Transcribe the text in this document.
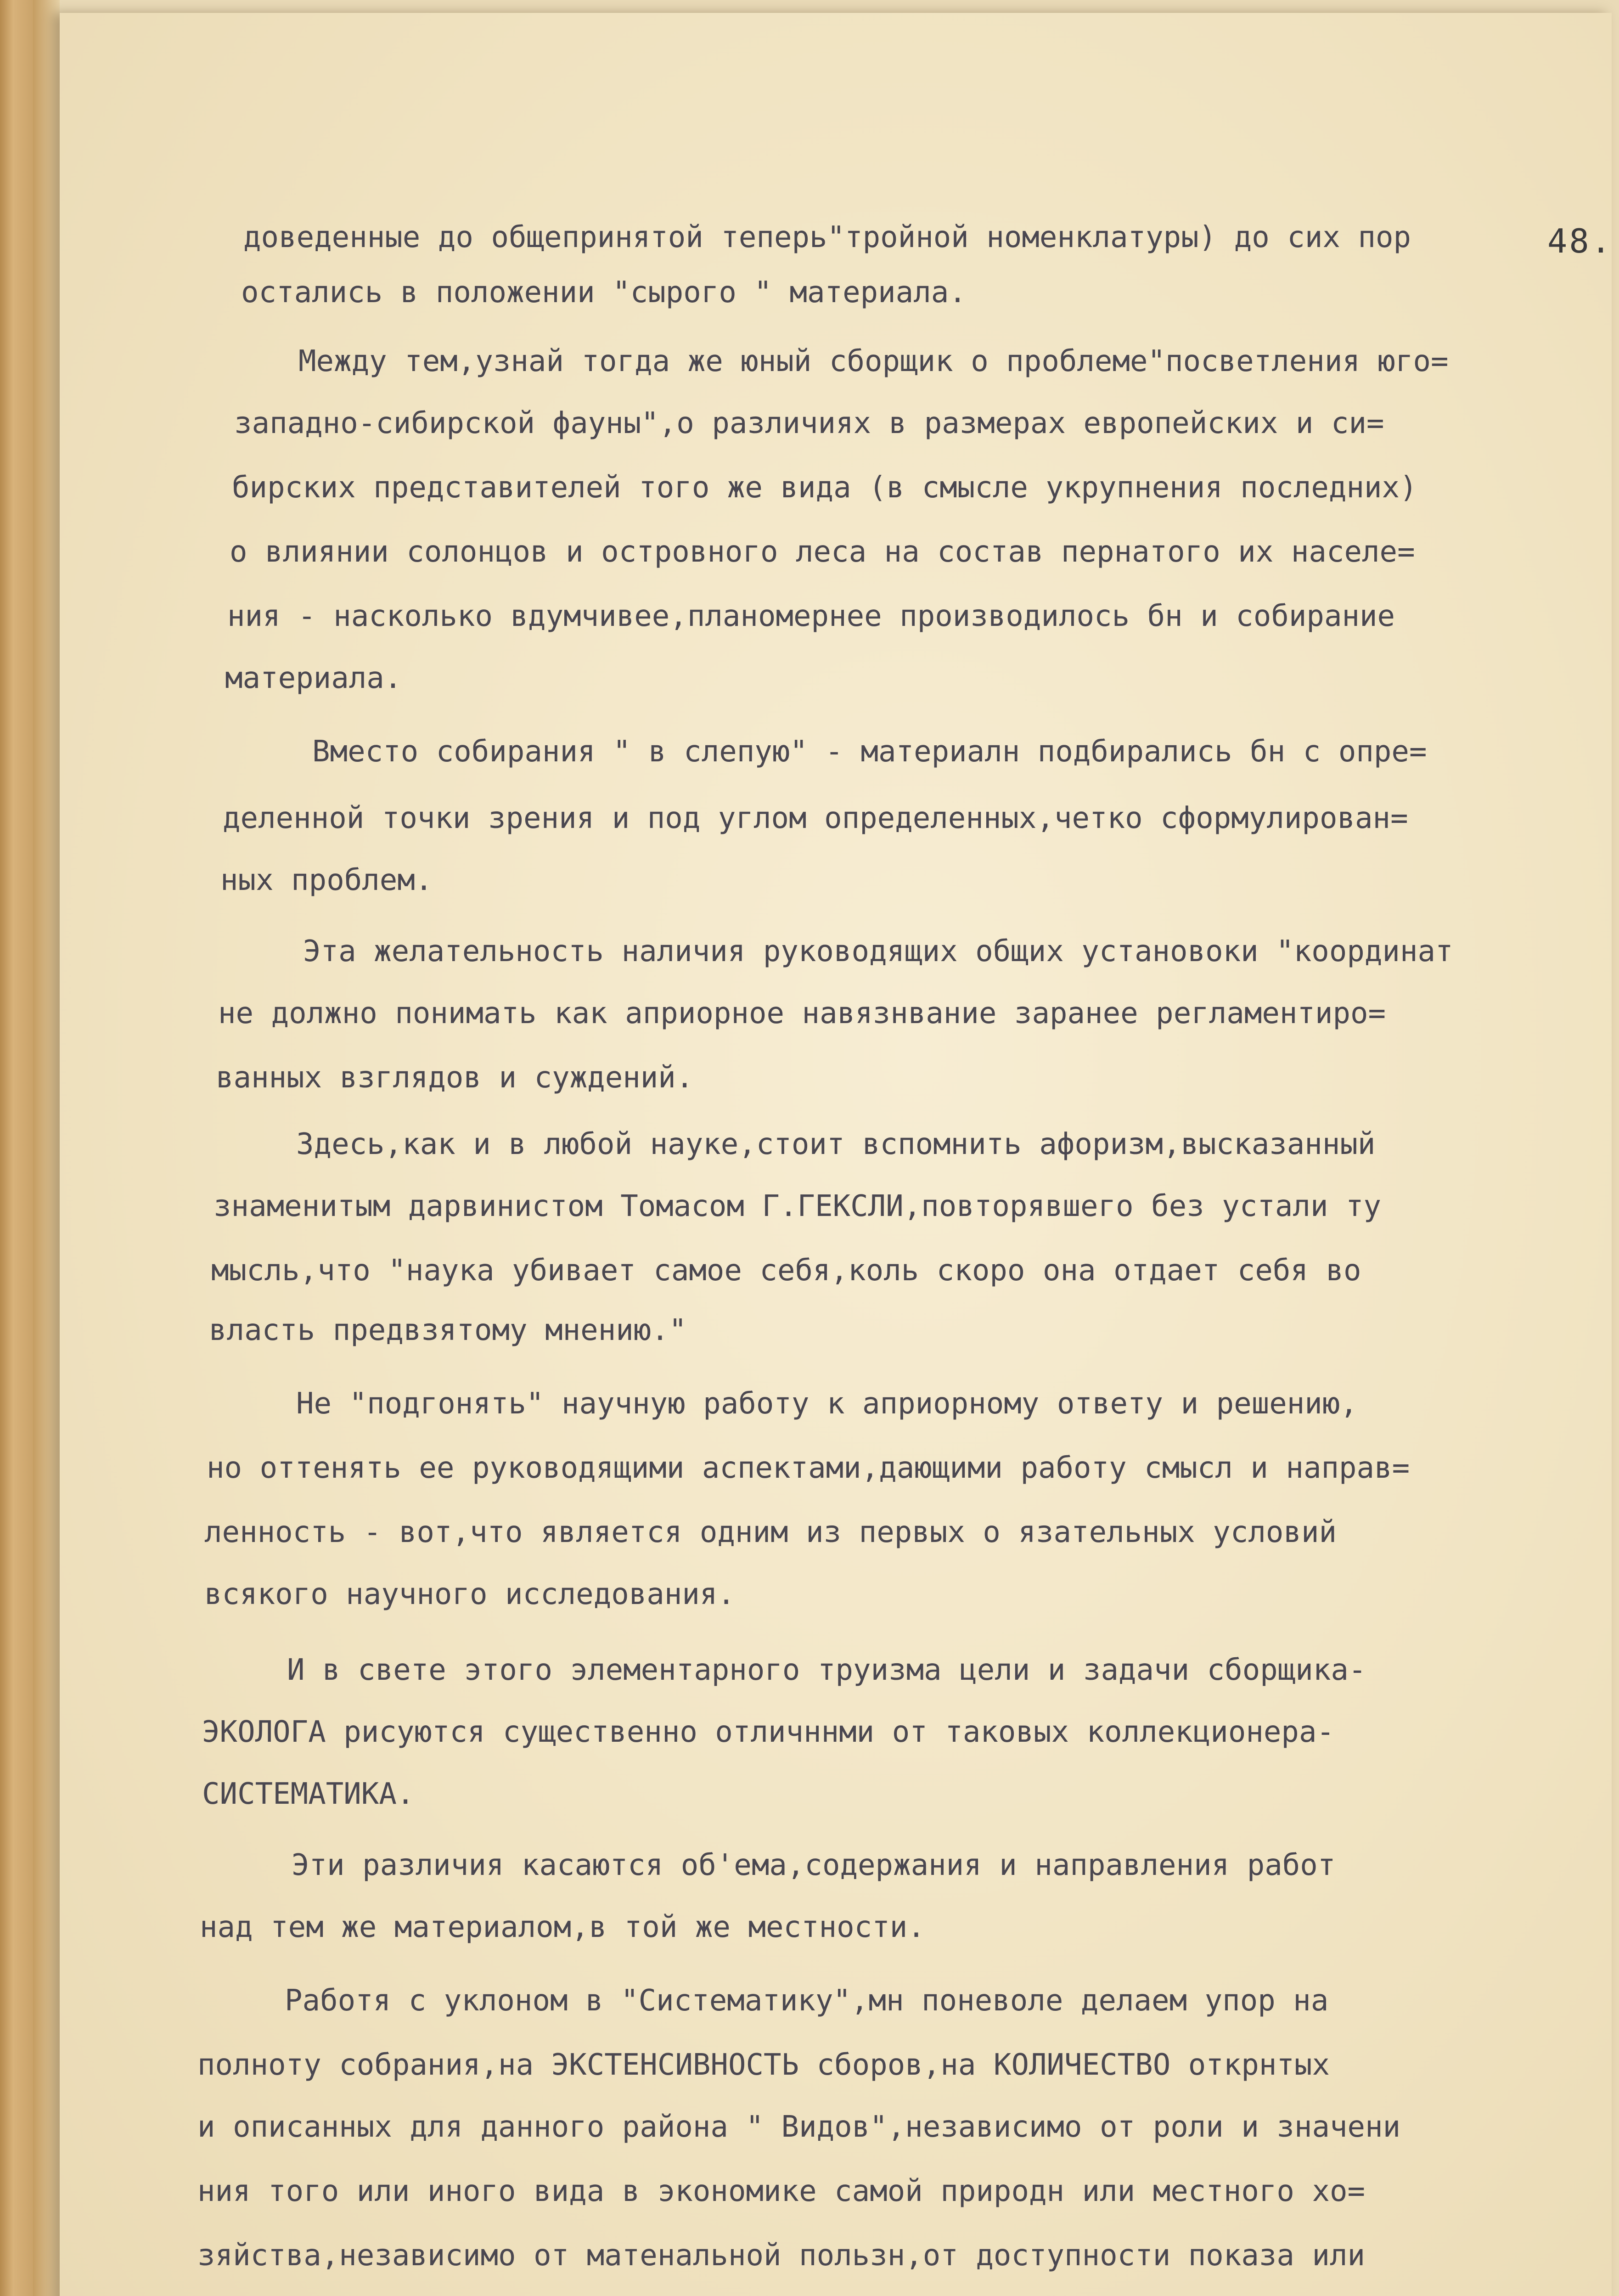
48.
доведенные до общепринятой теперь"тройной номенклатуры) до сих пор
остались в положении "сырого " материала.
Между тем,узнай тогда же юный сборщик о проблеме"посветления юго=
западно-сибирской фауны",о различиях в размерах европейских и си=
бирских представителей того же вида (в смысле укрупнения последних)
о влиянии солонцов и островного леса на состав пернатого их населе=
ния - насколько вдумчивее,планомернее производилось бн и собирание
материала.
Вместо собирания " в слепую" - материалн подбирались бн с опре=
деленной точки зрения и под углом определенных,четко сформулирован=
ных проблем.
Эта желательность наличия руководящих общих установоки "координат
не должно понимать как априорное навязнвание заранее регламентиро=
ванных взглядов и суждений.
Здесь,как и в любой науке,стоит вспомнить афоризм,высказанный
знаменитым дарвинистом Томасом Г.ГЕКСЛИ,повторявшего без устали ту
мысль,что "наука убивает самое себя,коль скоро она отдает себя во
власть предвзятому мнению."
Не "подгонять" научную работу к априорному ответу и решению,
но оттенять ее руководящими аспектами,дающими работу смысл и направ=
ленность - вот,что является одним из первых о язательных условий
всякого научного исследования.
И в свете этого элементарного труизма цели и задачи сборщика-
ЭКОЛОГА рисуются существенно отличннми от таковых коллекционера-
СИСТЕМАТИКА.
Эти различия касаются об'ема,содержания и направления работ
над тем же материалом,в той же местности.
Работя с уклоном в "Систематику",мн поневоле делаем упор на
полноту собрания,на ЭКСТЕНСИВНОСТЬ сборов,на КОЛИЧЕСТВО открнтых
и описанных для данного района " Видов",независимо от роли и значени
ния того или иного вида в экономике самой природн или местного хо=
зяйства,независимо от матенальной пользн,от доступности показа или
